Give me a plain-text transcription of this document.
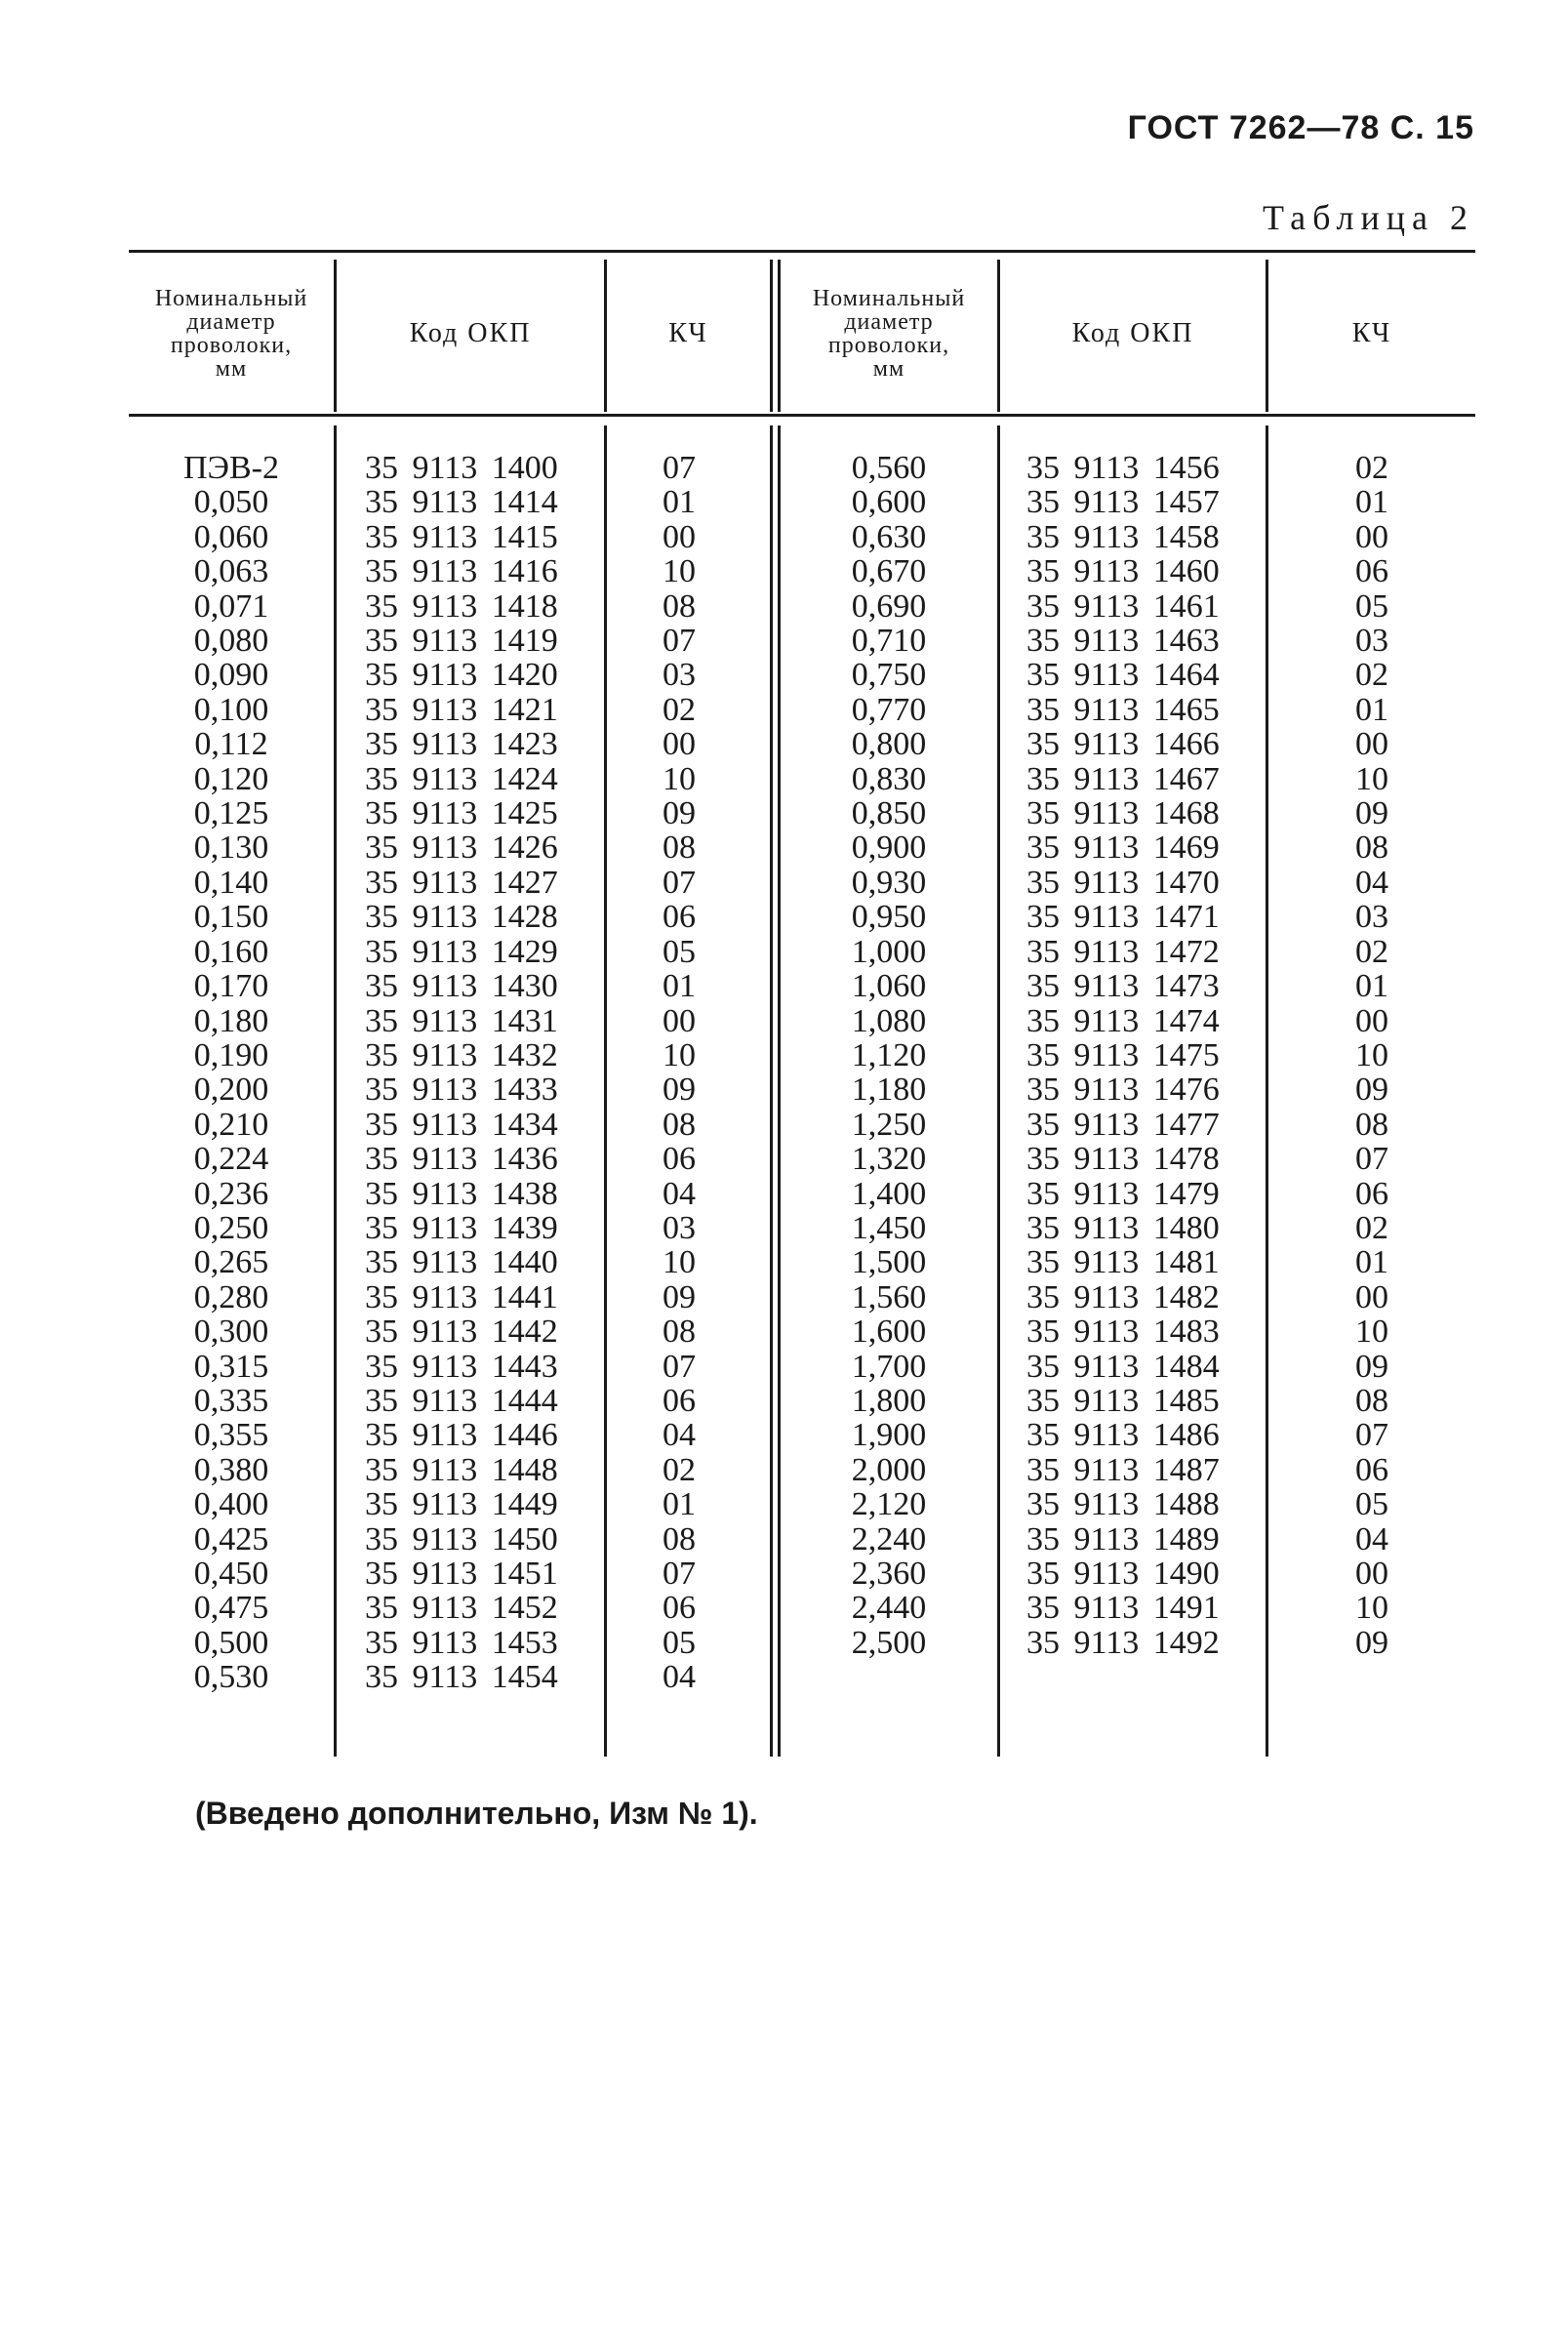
ГОСТ 7262—78 С. 15
Таблица 2
Номинальный
диаметр
проволоки,
мм
Код ОКП	КЧ
Номинальный
диаметр
проволоки,
мм
Код ОКП	КЧ
ПЭВ-2
0,050
0,060
0,063
0,071
0,080
0,090
0,100
0,112
0,120
0,125
0,130
0,140
0,150
0,160
0,170
0,180
0,190
0,200
0,210
0,224
0,236
0,250
0,265
0,280
0,300
0,315
0,335
0,355
0,380
0,400
0,425
0,450
0,475
0,500
0,530
35 9113 1400
35 9113 1414
35 9113 1415
35 9113 1416
35 9113 1418
35 9113 1419
35 9113 1420
35 9113 1421
35 9113 1423
35 9113 1424
35 9113 1425
35 9113 1426
35 9113 1427
35 9113 1428
35 9113 1429
35 9113 1430
35 9113 1431
35 9113 1432
35 9113 1433
35 9113 1434
35 9113 1436
35 9113 1438
35 9113 1439
35 9113 1440
35 9113 1441
35 9113 1442
35 9113 1443
35 9113 1444
35 9113 1446
35 9113 1448
35 9113 1449
35 9113 1450
35 9113 1451
35 9113 1452
35 9113 1453
35 9113 1454
07
01
00
10
08
07
03
02
00
10
09
08
07
06
05
01
00
10
09
08
06
04
03
10
09
08
07
06
04
02
01
08
07
06
05
04
0,560
0,600
0,630
0,670
0,690
0,710
0,750
0,770
0,800
0,830
0,850
0,900
0,930
0,950
1,000
1,060
1,080
1,120
1,180
1,250
1,320
1,400
1,450
1,500
1,560
1,600
1,700
1,800
1,900
2,000
2,120
2,240
2,360
2,440
2,500
35 9113 1456
35 9113 1457
35 9113 1458
35 9113 1460
35 9113 1461
35 9113 1463
35 9113 1464
35 9113 1465
35 9113 1466
35 9113 1467
35 9113 1468
35 9113 1469
35 9113 1470
35 9113 1471
35 9113 1472
35 9113 1473
35 9113 1474
35 9113 1475
35 9113 1476
35 9113 1477
35 9113 1478
35 9113 1479
35 9113 1480
35 9113 1481
35 9113 1482
35 9113 1483
35 9113 1484
35 9113 1485
35 9113 1486
35 9113 1487
35 9113 1488
35 9113 1489
35 9113 1490
35 9113 1491
35 9113 1492
02
01
00
06
05
03
02
01
00
10
09
08
04
03
02
01
00
10
09
08
07
06
02
01
00
10
09
08
07
06
05
04
00
10
09
(Введено дополнительно, Изм № 1).
